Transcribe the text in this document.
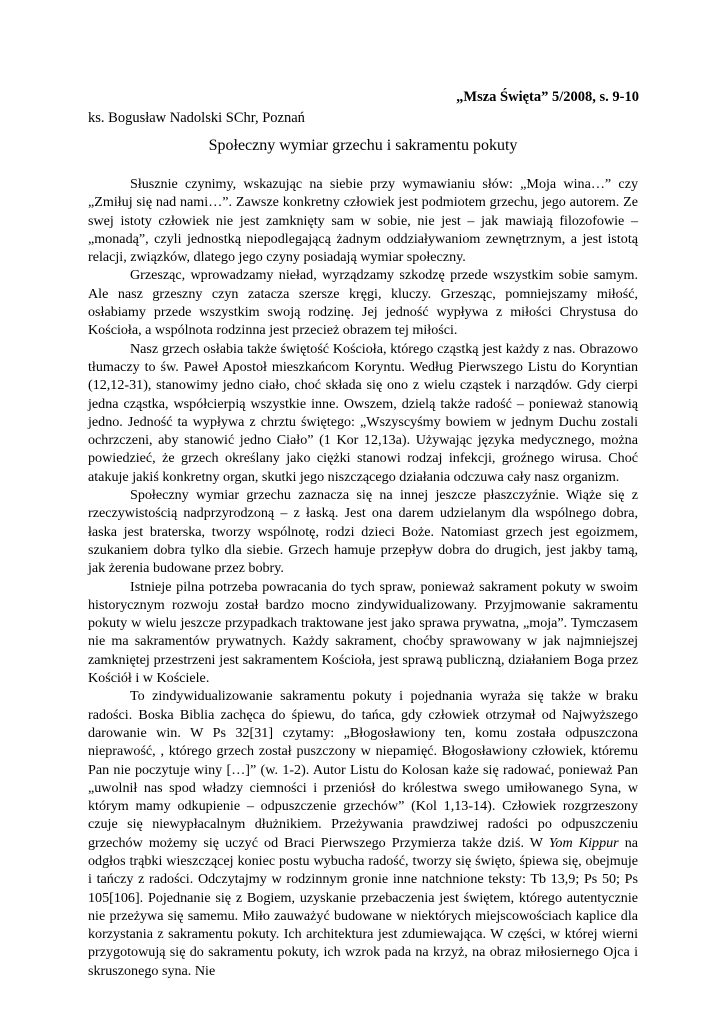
„Msza Święta” 5/2008, s. 9-10

ks. Bogusław Nadolski SChr, Poznań

Społeczny wymiar grzechu i sakramentu pokuty

Słusznie czynimy, wskazując na siebie przy wymawianiu słów: „Moja wina…” czy „Zmiłuj się nad nami…”. Zawsze konkretny człowiek jest podmiotem grzechu, jego autorem. Ze swej istoty człowiek nie jest zamknięty sam w sobie, nie jest – jak mawiają filozofowie – „monadą”, czyli jednostką niepodlegającą żadnym oddziaływaniom zewnętrznym, a jest istotą relacji, związków, dlatego jego czyny posiadają wymiar społeczny.

Grzesząc, wprowadzamy nieład, wyrządzamy szkodzę przede wszystkim sobie samym. Ale nasz grzeszny czyn zatacza szersze kręgi, kluczy. Grzesząc, pomniejszamy miłość, osłabiamy przede wszystkim swoją rodzinę. Jej jedność wypływa z miłości Chrystusa do Kościoła, a wspólnota rodzinna jest przecież obrazem tej miłości.

Nasz grzech osłabia także świętość Kościoła, którego cząstką jest każdy z nas. Obrazowo tłumaczy to św. Paweł Apostoł mieszkańcom Koryntu. Według Pierwszego Listu do Koryntian (12,12-31), stanowimy jedno ciało, choć składa się ono z wielu cząstek i narządów. Gdy cierpi jedna cząstka, współcierpią wszystkie inne. Owszem, dzielą także radość – ponieważ stanowią jedno. Jedność ta wypływa z chrztu świętego: „Wszyscyśmy bowiem w jednym Duchu zostali ochrzczeni, aby stanowić jedno Ciało” (1 Kor 12,13a). Używając języka medycznego, można powiedzieć, że grzech określany jako ciężki stanowi rodzaj infekcji, groźnego wirusa. Choć atakuje jakiś konkretny organ, skutki jego niszczącego działania odczuwa cały nasz organizm.

Społeczny wymiar grzechu zaznacza się na innej jeszcze płaszczyźnie. Wiąże się z rzeczywistością nadprzyrodzoną – z łaską. Jest ona darem udzielanym dla wspólnego dobra, łaska jest braterska, tworzy wspólnotę, rodzi dzieci Boże. Natomiast grzech jest egoizmem, szukaniem dobra tylko dla siebie. Grzech hamuje przepływ dobra do drugich, jest jakby tamą, jak żerenia budowane przez bobry.

Istnieje pilna potrzeba powracania do tych spraw, ponieważ sakrament pokuty w swoim historycznym rozwoju został bardzo mocno zindywidualizowany. Przyjmowanie sakramentu pokuty w wielu jeszcze przypadkach traktowane jest jako sprawa prywatna, „moja”. Tymczasem nie ma sakramentów prywatnych. Każdy sakrament, choćby sprawowany w jak najmniejszej zamkniętej przestrzeni jest sakramentem Kościoła, jest sprawą publiczną, działaniem Boga przez Kościół i w Kościele.

To zindywidualizowanie sakramentu pokuty i pojednania wyraża się także w braku radości. Boska Biblia zachęca do śpiewu, do tańca, gdy człowiek otrzymał od Najwyższego darowanie win. W Ps 32[31] czytamy: „Błogosławiony ten, komu została odpuszczona nieprawość, , którego grzech został puszczony w niepamięć. Błogosławiony człowiek, któremu Pan nie poczytuje winy […]” (w. 1-2). Autor Listu do Kolosan każe się radować, ponieważ Pan „uwolnił nas spod władzy ciemności i przeniósł do królestwa swego umiłowanego Syna, w którym mamy odkupienie – odpuszczenie grzechów” (Kol 1,13-14). Człowiek rozgrzeszony czuje się niewypłacalnym dłużnikiem. Przeżywania prawdziwej radości po odpuszczeniu grzechów możemy się uczyć od Braci Pierwszego Przymierza także dziś. W Yom Kippur na odgłos trąbki wieszczącej koniec postu wybucha radość, tworzy się święto, śpiewa się, obejmuje i tańczy z radości. Odczytajmy w rodzinnym gronie inne natchnione teksty: Tb 13,9; Ps 50; Ps 105[106]. Pojednanie się z Bogiem, uzyskanie przebaczenia jest świętem, którego autentycznie nie przeżywa się samemu. Miło zauważyć budowane w niektórych miejscowościach kaplice dla korzystania z sakramentu pokuty. Ich architektura jest zdumiewająca. W części, w której wierni przygotowują się do sakramentu pokuty, ich wzrok pada na krzyż, na obraz miłosiernego Ojca i skruszonego syna. Nie
